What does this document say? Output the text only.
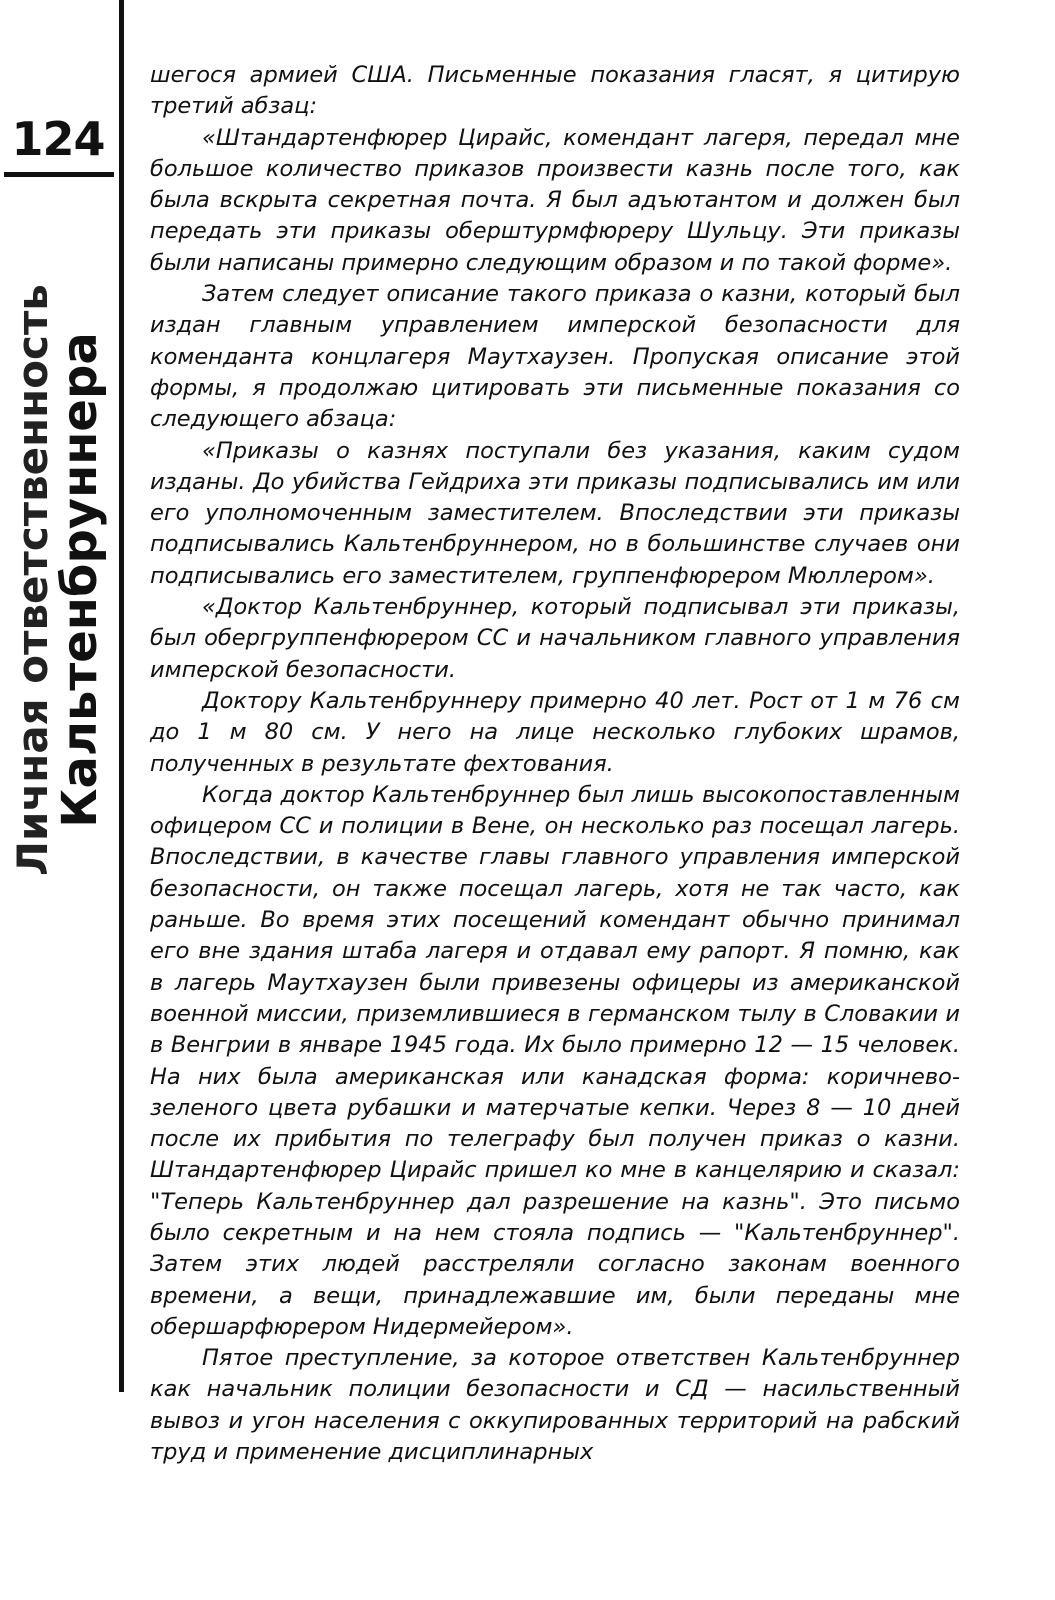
124
Личная ответственность
Кальтенбруннера

шегося армией США. Письменные показания гласят, я цитирую третий абзац:

«Штандартенфюрер Цирайс, комендант лагеря, передал мне большое количество приказов произвести казнь после того, как была вскрыта секретная почта. Я был адъютантом и должен был передать эти приказы оберштурмфюреру Шульцу. Эти приказы были написаны примерно следующим образом и по такой форме».

Затем следует описание такого приказа о казни, который был издан главным управлением имперской безопасности для коменданта концлагеря Маутхаузен. Пропуская описание этой формы, я продолжаю цитировать эти письменные показания со следующего абзаца:

«Приказы о казнях поступали без указания, каким судом изданы. До убийства Гейдриха эти приказы подписывались им или его уполномоченным заместителем. Впоследствии эти приказы подписывались Кальтенбруннером, но в большинстве случаев они подписывались его заместителем, группенфюрером Мюллером».

«Доктор Кальтенбруннер, который подписывал эти приказы, был обергруппенфюрером СС и начальником главного управления имперской безопасности.

Доктору Кальтенбруннеру примерно 40 лет. Рост от 1 м 76 см до 1 м 80 см. У него на лице несколько глубоких шрамов, полученных в результате фехтования.

Когда доктор Кальтенбруннер был лишь высокопоставленным офицером СС и полиции в Вене, он несколько раз посещал лагерь. Впоследствии, в качестве главы главного управления имперской безопасности, он также посещал лагерь, хотя не так часто, как раньше. Во время этих посещений комендант обычно принимал его вне здания штаба лагеря и отдавал ему рапорт. Я помню, как в лагерь Маутхаузен были привезены офицеры из американской военной миссии, приземлившиеся в германском тылу в Словакии и в Венгрии в январе 1945 года. Их было примерно 12 — 15 человек. На них была американская или канадская форма: коричнево-зеленого цвета рубашки и матерчатые кепки. Через 8 — 10 дней после их прибытия по телеграфу был получен приказ о казни. Штандартенфюрер Цирайс пришел ко мне в канцелярию и сказал: "Теперь Кальтенбруннер дал разрешение на казнь". Это письмо было секретным и на нем стояла подпись — "Кальтенбруннер". Затем этих людей расстреляли согласно законам военного времени, а вещи, принадлежавшие им, были переданы мне обершарфюрером Нидермейером».

Пятое преступление, за которое ответствен Кальтенбруннер как начальник полиции безопасности и СД — насильственный вывоз и угон населения с оккупированных территорий на рабский труд и применение дисциплинарных
